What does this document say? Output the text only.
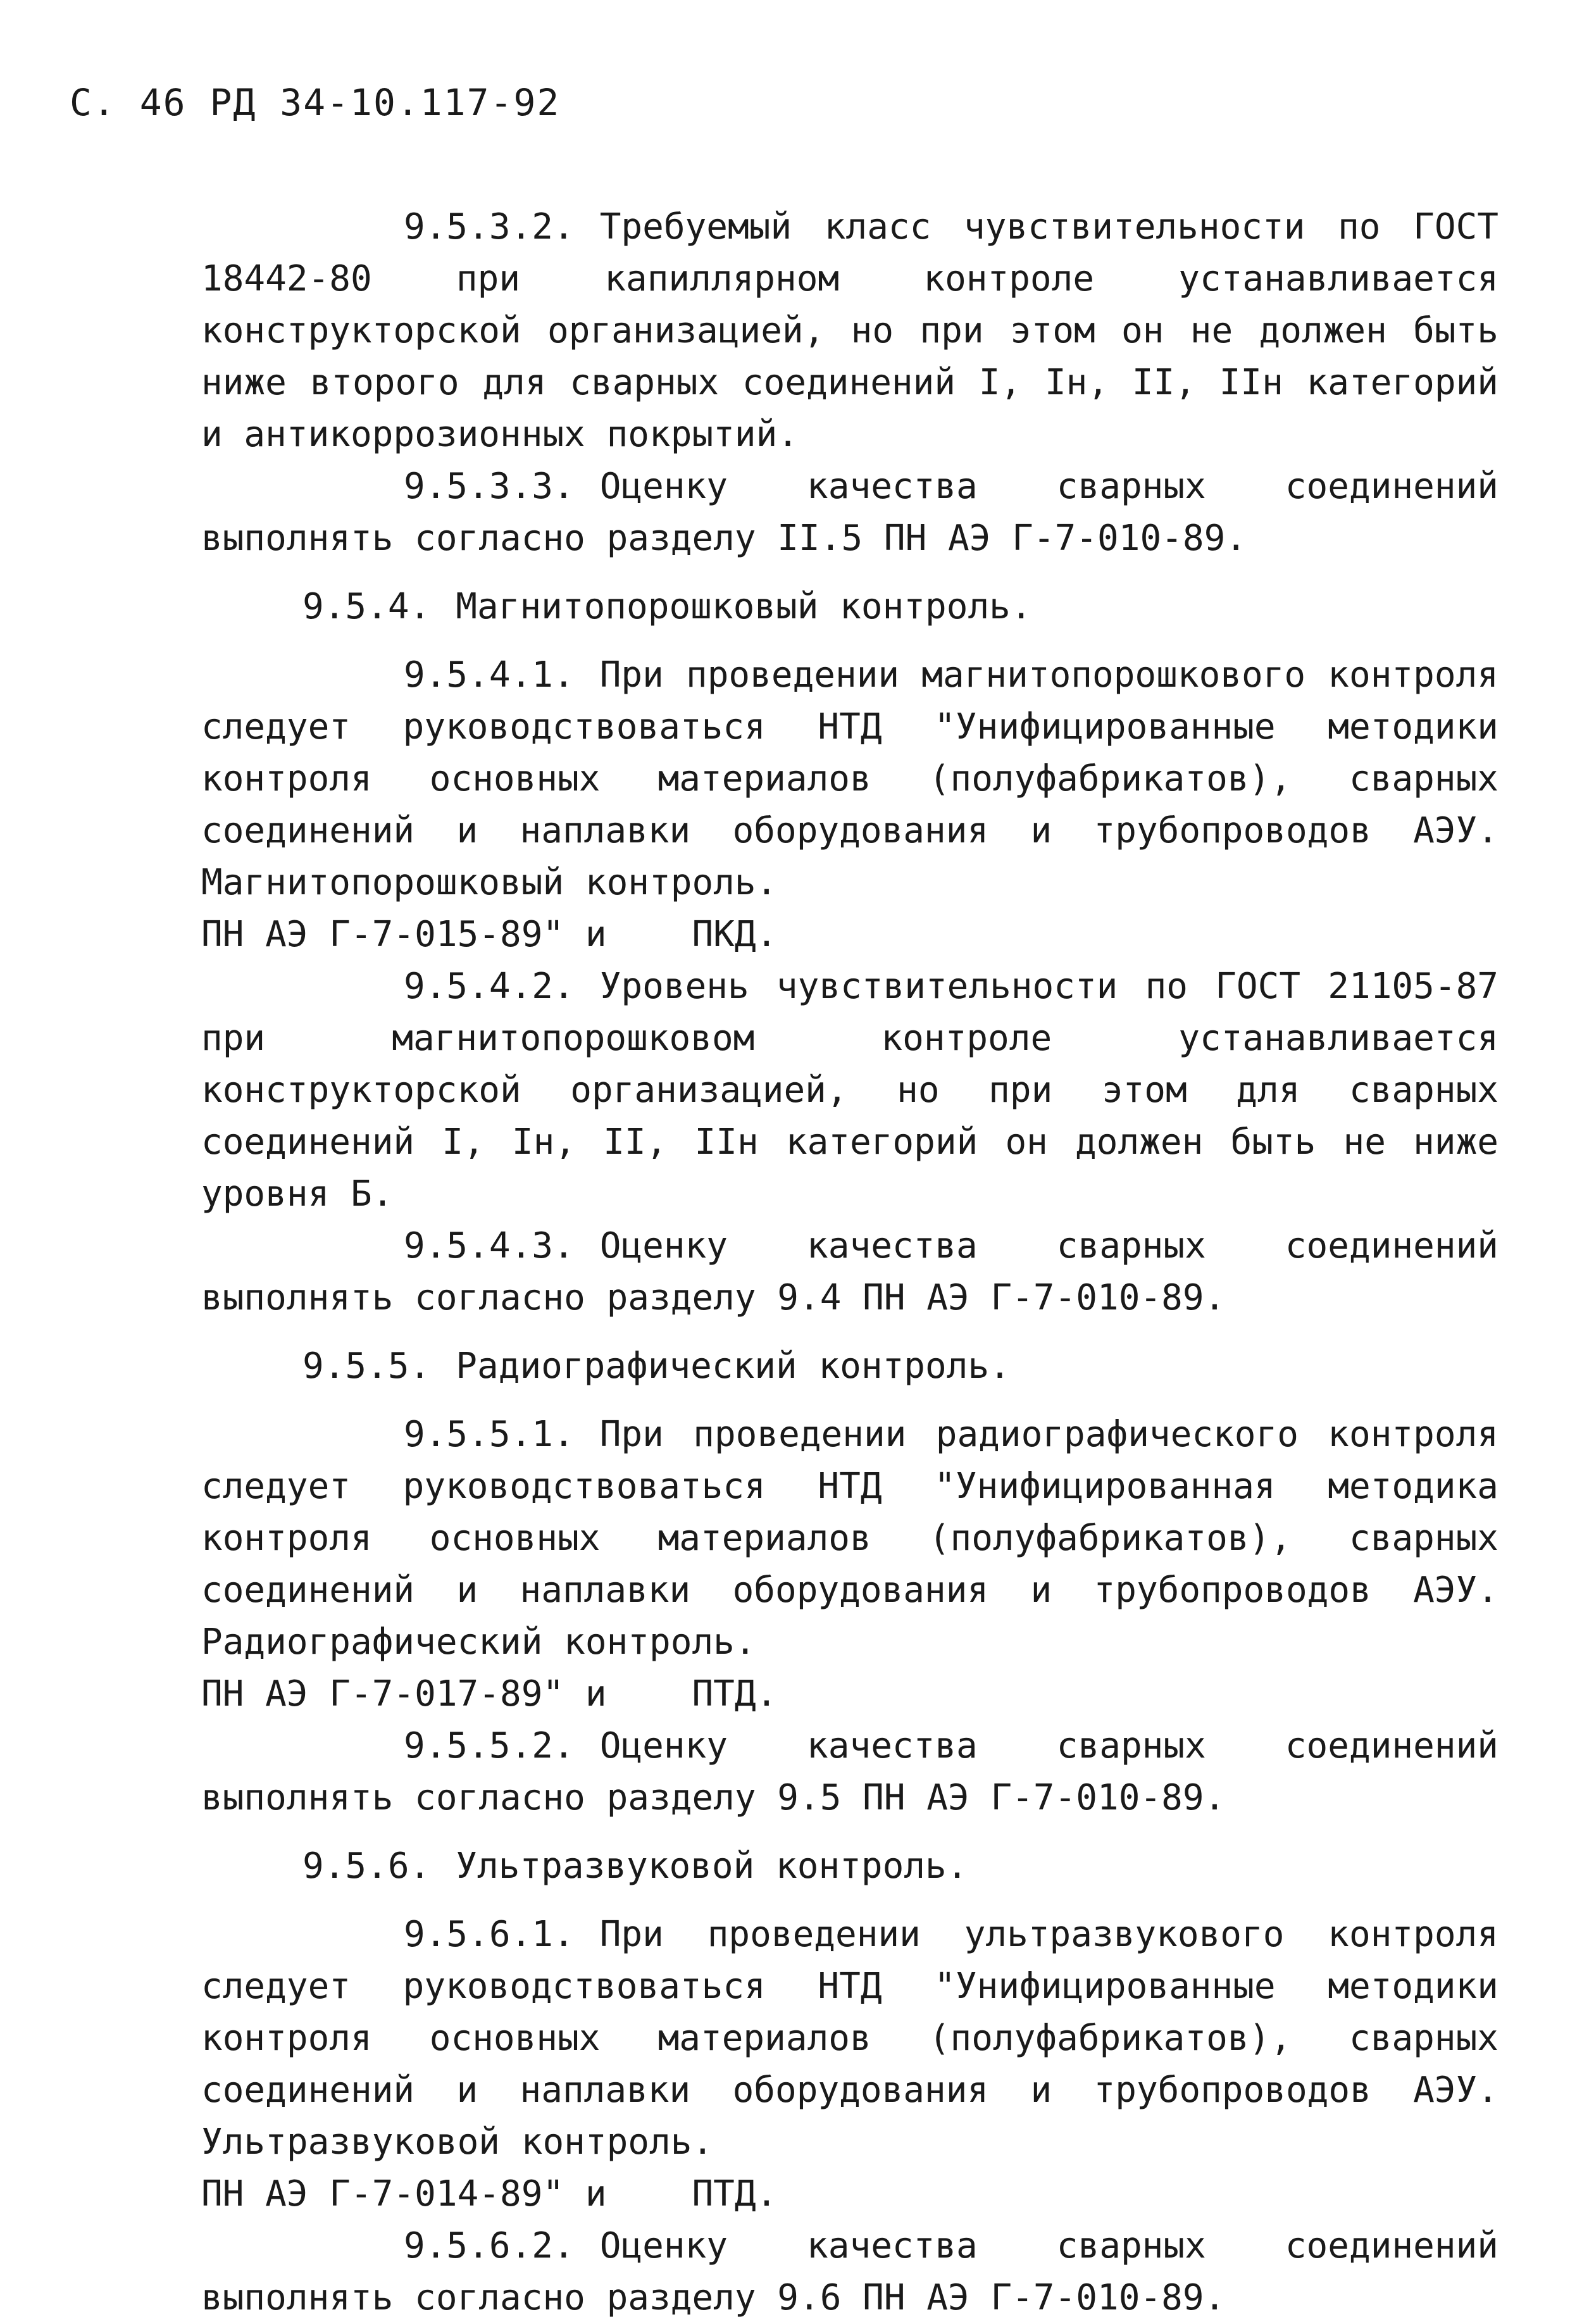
С. 46 РД 34-10.117-92

9.5.3.2. Требуемый класс чувствительности по ГОСТ 18442-80 при капиллярном контроле устанавливается конструкторской организацией, но при этом он не должен быть ниже второго для сварных соединений I, Iн, II, IIн категорий и антикоррозионных покрытий.

9.5.3.3. Оценку качества сварных соединений выполнять согласно разделу II.5 ПН АЭ Г-7-010-89.

9.5.4. Магнитопорошковый контроль.

9.5.4.1. При проведении магнитопорошкового контроля следует руководствоваться НТД "Унифицированные методики контроля основных материалов (полуфабрикатов), сварных соединений и наплавки оборудования и трубопроводов АЭУ. Магнитопорошковый контроль.

ПН АЭ Г-7-015-89" и    ПКД.

9.5.4.2. Уровень чувствительности по ГОСТ 21105-87 при магнитопорошковом контроле устанавливается конструкторской организацией, но при этом для сварных соединений I, Iн, II, IIн категорий он должен быть не ниже уровня Б.

9.5.4.3. Оценку качества сварных соединений выполнять согласно разделу 9.4 ПН АЭ Г-7-010-89.

9.5.5. Радиографический контроль.

9.5.5.1. При проведении радиографического контроля следует руководствоваться НТД "Унифицированная методика контроля основных материалов (полуфабрикатов), сварных соединений и наплавки оборудования и трубопроводов АЭУ. Радиографический контроль.

ПН АЭ Г-7-017-89" и    ПТД.

9.5.5.2. Оценку качества сварных соединений выполнять согласно разделу 9.5 ПН АЭ Г-7-010-89.

9.5.6. Ультразвуковой контроль.

9.5.6.1. При проведении ультразвукового контроля следует руководствоваться НТД "Унифицированные методики контроля основных материалов (полуфабрикатов), сварных соединений и наплавки оборудования и трубопроводов АЭУ. Ультразвуковой контроль.

ПН АЭ Г-7-014-89" и    ПТД.

9.5.6.2. Оценку качества сварных соединений выполнять согласно разделу 9.6 ПН АЭ Г-7-010-89.
